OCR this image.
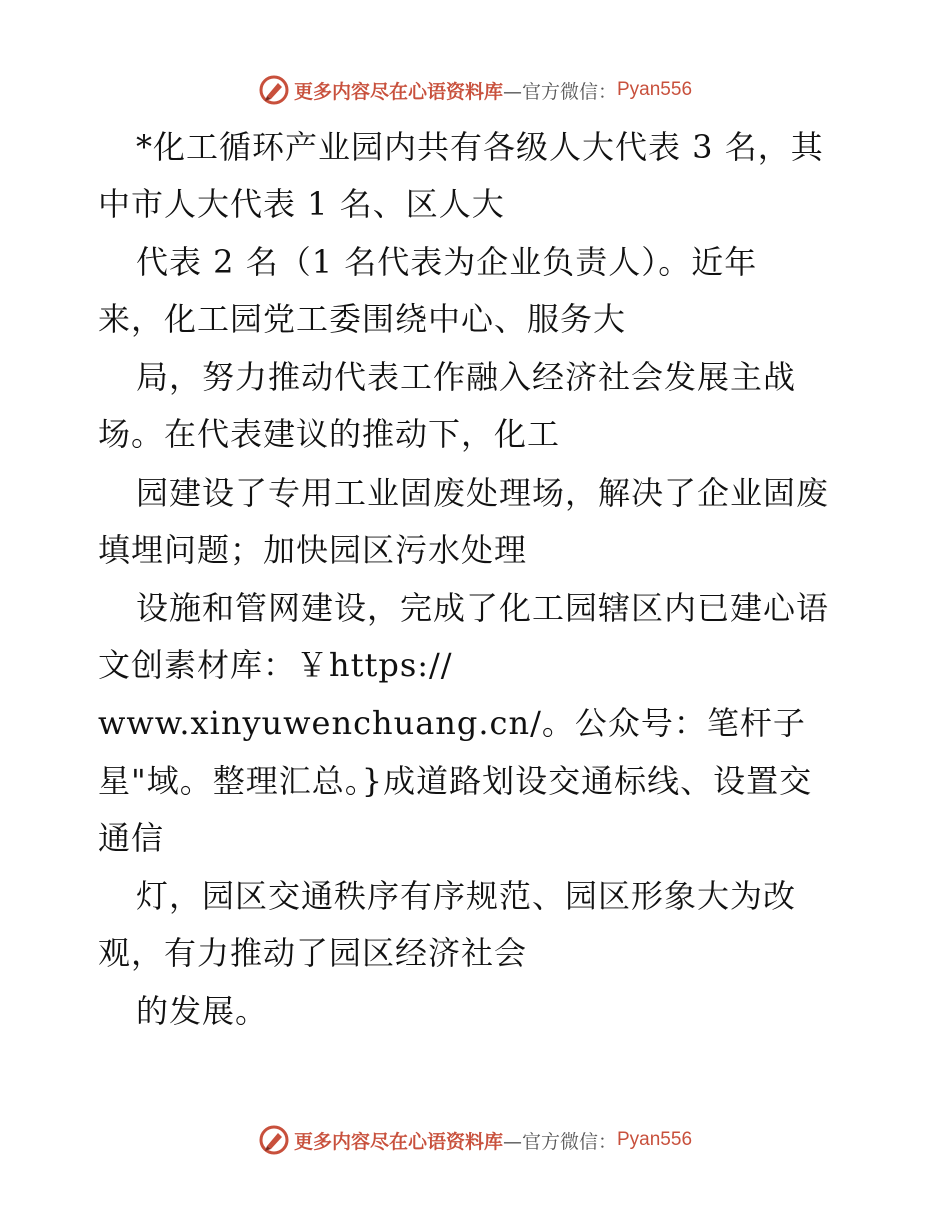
更多内容尽在心语资料库 —官方微信： Pyan556
*化工循环产业园内共有各级人大代表 3 名，其
中市人大代表 1 名、区人大
代表 2 名（1 名代表为企业负责人）。近年
来，化工园党工委围绕中心、服务大
局，努力推动代表工作融入经济社会发展主战
场。在代表建议的推动下，化工
园建设了专用工业固废处理场，解决了企业固废
填埋问题；加快园区污水处理
设施和管网建设，完成了化工园辖区内已建心语
文创素材库：￥https://
www.xinyuwenchuang.cn/。公众号：笔杆子
星"域。整理汇总。}成道路划设交通标线、设置交
通信
灯，园区交通秩序有序规范、园区形象大为改
观，有力推动了园区经济社会
的发展。
更多内容尽在心语资料库 —官方微信： Pyan556
